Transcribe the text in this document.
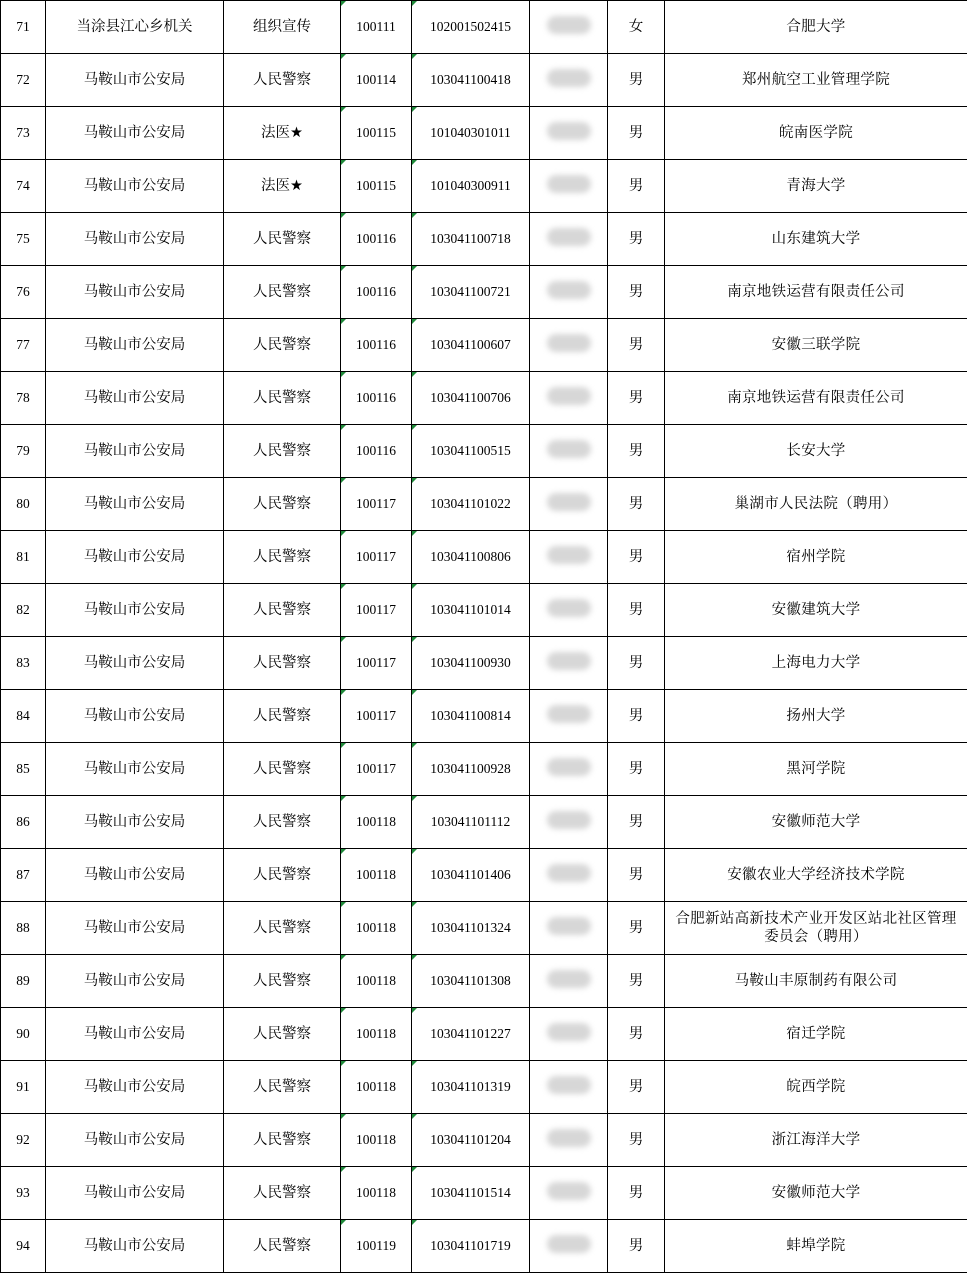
71	当涂县江心乡机关	组织宣传	100111	102001502415		女	合肥大学
72	马鞍山市公安局	人民警察	100114	103041100418		男	郑州航空工业管理学院
73	马鞍山市公安局	法医★	100115	101040301011		男	皖南医学院
74	马鞍山市公安局	法医★	100115	101040300911		男	青海大学
75	马鞍山市公安局	人民警察	100116	103041100718		男	山东建筑大学
76	马鞍山市公安局	人民警察	100116	103041100721		男	南京地铁运营有限责任公司
77	马鞍山市公安局	人民警察	100116	103041100607		男	安徽三联学院
78	马鞍山市公安局	人民警察	100116	103041100706		男	南京地铁运营有限责任公司
79	马鞍山市公安局	人民警察	100116	103041100515		男	长安大学
80	马鞍山市公安局	人民警察	100117	103041101022		男	巢湖市人民法院（聘用）
81	马鞍山市公安局	人民警察	100117	103041100806		男	宿州学院
82	马鞍山市公安局	人民警察	100117	103041101014		男	安徽建筑大学
83	马鞍山市公安局	人民警察	100117	103041100930		男	上海电力大学
84	马鞍山市公安局	人民警察	100117	103041100814		男	扬州大学
85	马鞍山市公安局	人民警察	100117	103041100928		男	黑河学院
86	马鞍山市公安局	人民警察	100118	103041101112		男	安徽师范大学
87	马鞍山市公安局	人民警察	100118	103041101406		男	安徽农业大学经济技术学院
88	马鞍山市公安局	人民警察	100118	103041101324		男	合肥新站高新技术产业开发区站北社区管理委员会（聘用）
89	马鞍山市公安局	人民警察	100118	103041101308		男	马鞍山丰原制药有限公司
90	马鞍山市公安局	人民警察	100118	103041101227		男	宿迁学院
91	马鞍山市公安局	人民警察	100118	103041101319		男	皖西学院
92	马鞍山市公安局	人民警察	100118	103041101204		男	浙江海洋大学
93	马鞍山市公安局	人民警察	100118	103041101514		男	安徽师范大学
94	马鞍山市公安局	人民警察	100119	103041101719		男	蚌埠学院
